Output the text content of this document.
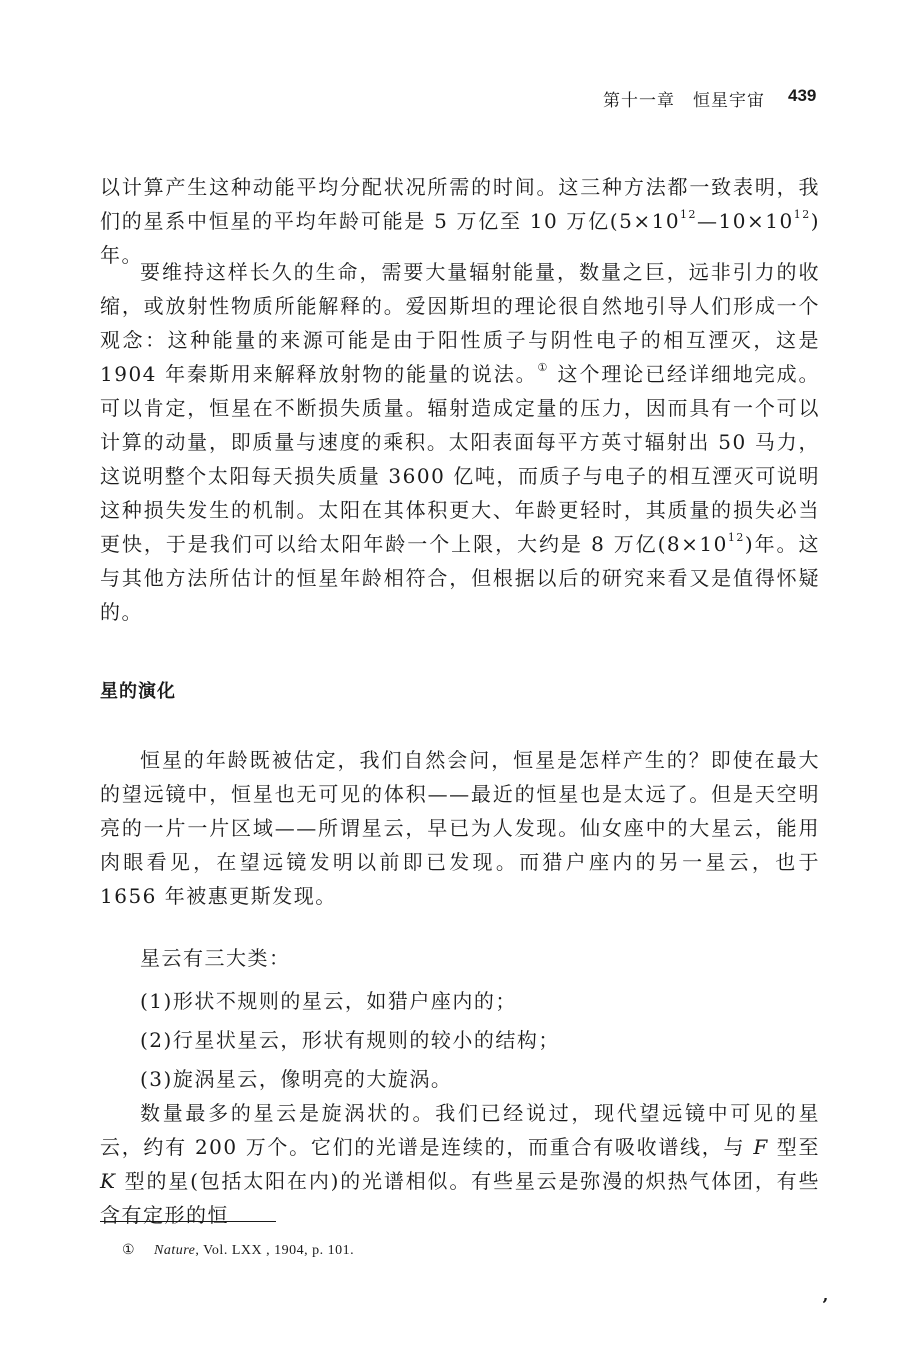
第十一章　恒星宇宙 439

以计算产生这种动能平均分配状况所需的时间。这三种方法都一致表明，我们的星系中恒星的平均年龄可能是 5 万亿至 10 万亿$(5\times 10^{12}—10\times 10^{12})$年。

要维持这样长久的生命，需要大量辐射能量，数量之巨，远非引力的收缩，或放射性物质所能解释的。爱因斯坦的理论很自然地引导人们形成一个观念：这种能量的来源可能是由于阳性质子与阴性电子的相互湮灭，这是 1904 年秦斯用来解释放射物的能量的说法。① 这个理论已经详细地完成。可以肯定，恒星在不断损失质量。辐射造成定量的压力，因而具有一个可以计算的动量，即质量与速度的乘积。太阳表面每平方英寸辐射出 50 马力，这说明整个太阳每天损失质量 3600 亿吨，而质子与电子的相互湮灭可说明这种损失发生的机制。太阳在其体积更大、年龄更轻时，其质量的损失必当更快，于是我们可以给太阳年龄一个上限，大约是 8 万亿$(8\times 10^{12})$年。这与其他方法所估计的恒星年龄相符合，但根据以后的研究来看又是值得怀疑的。

星的演化

恒星的年龄既被估定，我们自然会问，恒星是怎样产生的？即使在最大的望远镜中，恒星也无可见的体积——最近的恒星也是太远了。但是天空明亮的一片一片区域——所谓星云，早已为人发现。仙女座中的大星云，能用肉眼看见，在望远镜发明以前即已发现。而猎户座内的另一星云，也于 1656 年被惠更斯发现。

星云有三大类：

(1)形状不规则的星云，如猎户座内的；
(2)行星状星云，形状有规则的较小的结构；
(3)旋涡星云，像明亮的大旋涡。

数量最多的星云是旋涡状的。我们已经说过，现代望远镜中可见的星云，约有 200 万个。它们的光谱是连续的，而重合有吸收谱线，与 F 型至 K 型的星(包括太阳在内)的光谱相似。有些星云是弥漫的炽热气体团，有些含有定形的恒

① Nature, Vol. LXX , 1904, p. 101.
’
